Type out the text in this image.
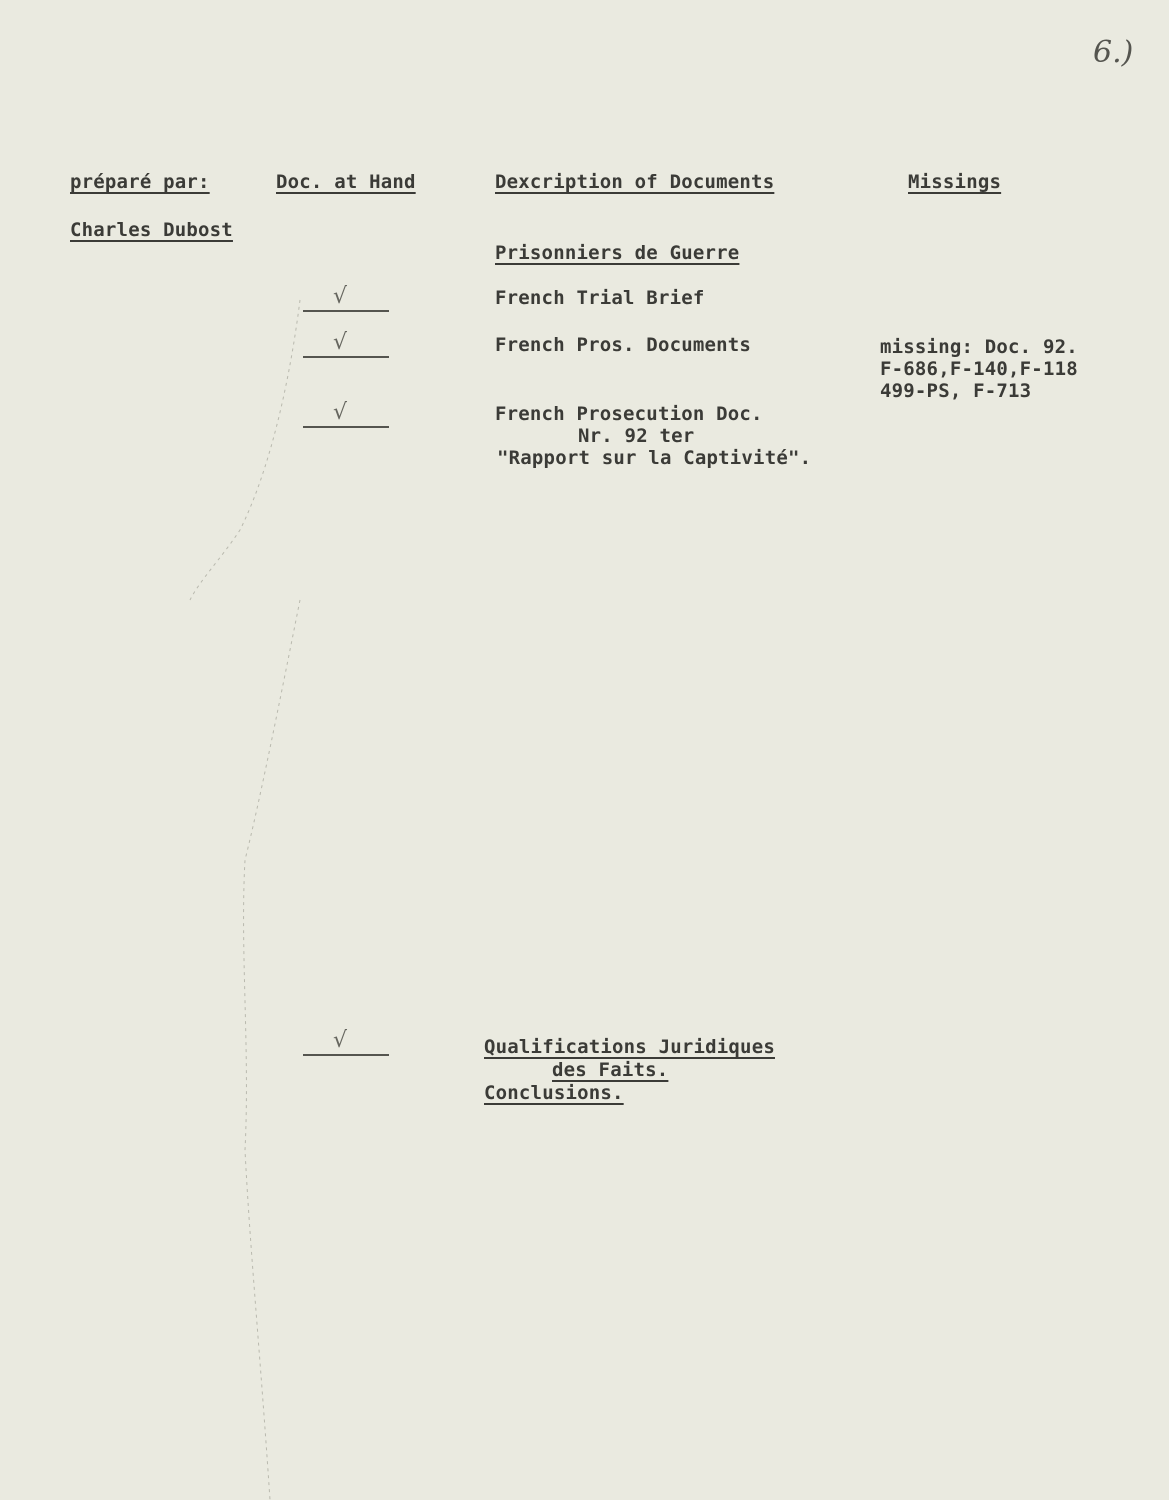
6.)
préparé par:	Doc. at Hand	Dexcription of Documents	Missings
Charles Dubost
Prisonniers de Guerre
√	French Trial Brief
√	French Pros. Documents	missing: Doc. 92.
F-686,F-140,F-118
499-PS, F-713
√	French Prosecution Doc.
Nr. 92 ter
"Rapport sur la Captivité".
√	Qualifications Juridiques
des Faits.
Conclusions.
